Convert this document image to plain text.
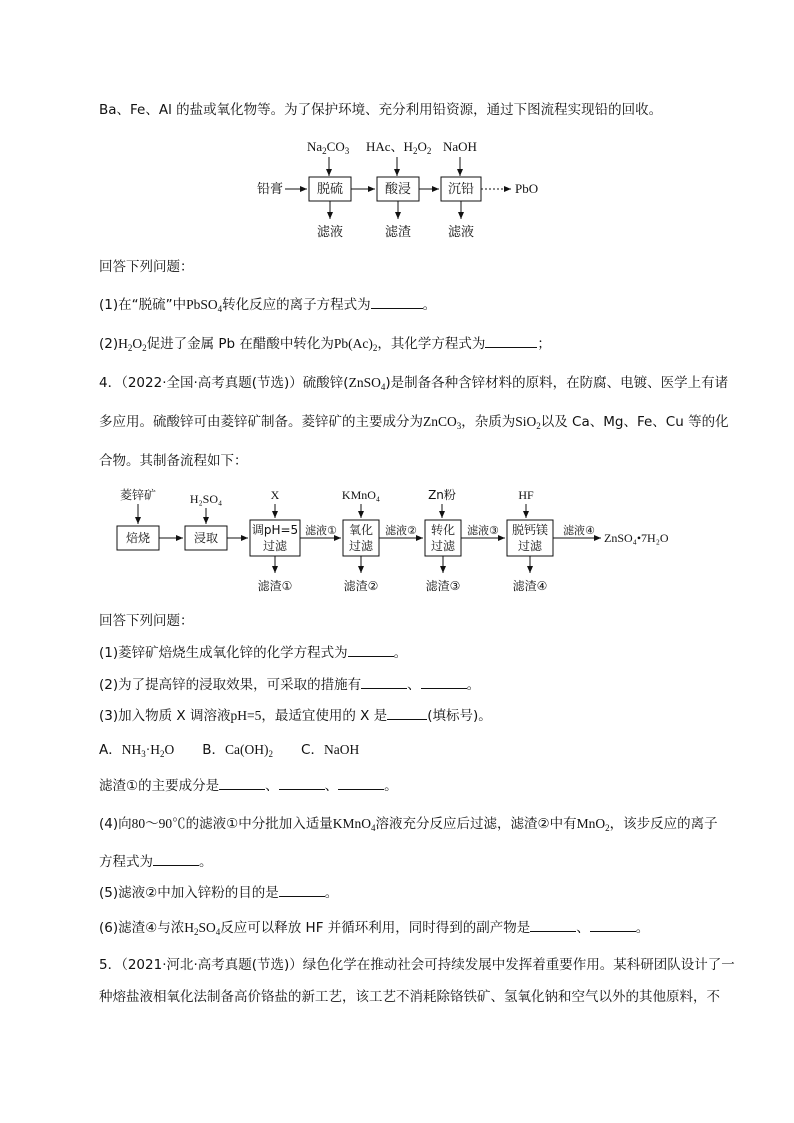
Ba、Fe、Al 的盐或氧化物等。为了保护环境、充分利用铅资源，通过下图流程实现铅的回收。
$Na_2CO_3$ HAc、$H_2O_2$ NaOH
铅膏	脱硫	酸浸	沉铅	PbO
滤液	滤渣	滤液
回答下列问题：
(1)在“脱硫”中PbSO$_4$转化反应的离子方程式为	。
$(2)H_2O_2$促进了金属 Pb 在醋酸中转化为$Pb(Ac)_2$，其化学方程式为	；
4．（2022·全国·高考真题(节选)）硫酸锌(ZnSO$_4$)是制备各种含锌材料的原料，在防腐、电镀、医学上有诸
多应用。硫酸锌可由菱锌矿制备。菱锌矿的主要成分为ZnCO$_3$，杂质为SiO$_2$以及 Ca、Mg、Fe、Cu 等的化
合物。其制备流程如下：
菱锌矿	H₂SO₄	X	KMnO₄	Zn粉	HF
焙烧	浸取
调pH=5
过滤
滤液① 氧化
过滤
滤液② 转化
过滤
滤液③ 脱钙镁
过滤
滤液④
ZnSO₄•7H₂O
滤渣①	滤渣②	滤渣③	滤渣④
回答下列问题：
(1)菱锌矿焙烧生成氧化锌的化学方程式为	。
(2)为了提高锌的浸取效果，可采取的措施有	、	。
(3)加入物质 X 调溶液pH=5，最适宜使用的 X 是	(填标号)。
A．$NH_3\cdot H_2O$ B．$Ca(OH)_2$ C．NaOH
滤渣①的主要成分是	、	、	。
(4)向80～90℃的滤液①中分批加入适量KMnO$_4$溶液充分反应后过滤，滤渣②中有MnO$_2$，该步反应的离子
方程式为	。
(5)滤液②中加入锌粉的目的是	。
(6)滤渣④与浓$H_2SO_4$反应可以释放 HF 并循环利用，同时得到的副产物是	、	。
5．（2021·河北·高考真题(节选)）绿色化学在推动社会可持续发展中发挥着重要作用。某科研团队设计了一
种熔盐液相氧化法制备高价铬盐的新工艺，该工艺不消耗除铬铁矿、氢氧化钠和空气以外的其他原料，不
